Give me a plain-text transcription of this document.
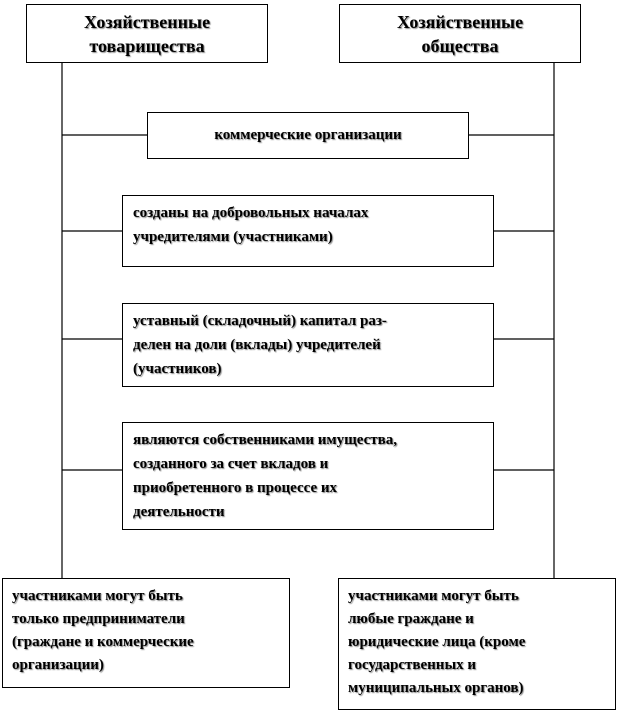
Хозяйственные
товарищества
Хозяйственные
общества
коммерческие организации
созданы на добровольных началах
учредителями (участниками)
уставный (складочный) капитал раз-
делен на доли (вклады) учредителей
(участников)
являются собственниками имущества,
созданного за счет вкладов и
приобретенного в процессе их
деятельности
участниками могут быть
только предприниматели
(граждане и коммерческие
организации)
участниками могут быть
любые граждане и
юридические лица (кроме
государственных и
муниципальных органов)
